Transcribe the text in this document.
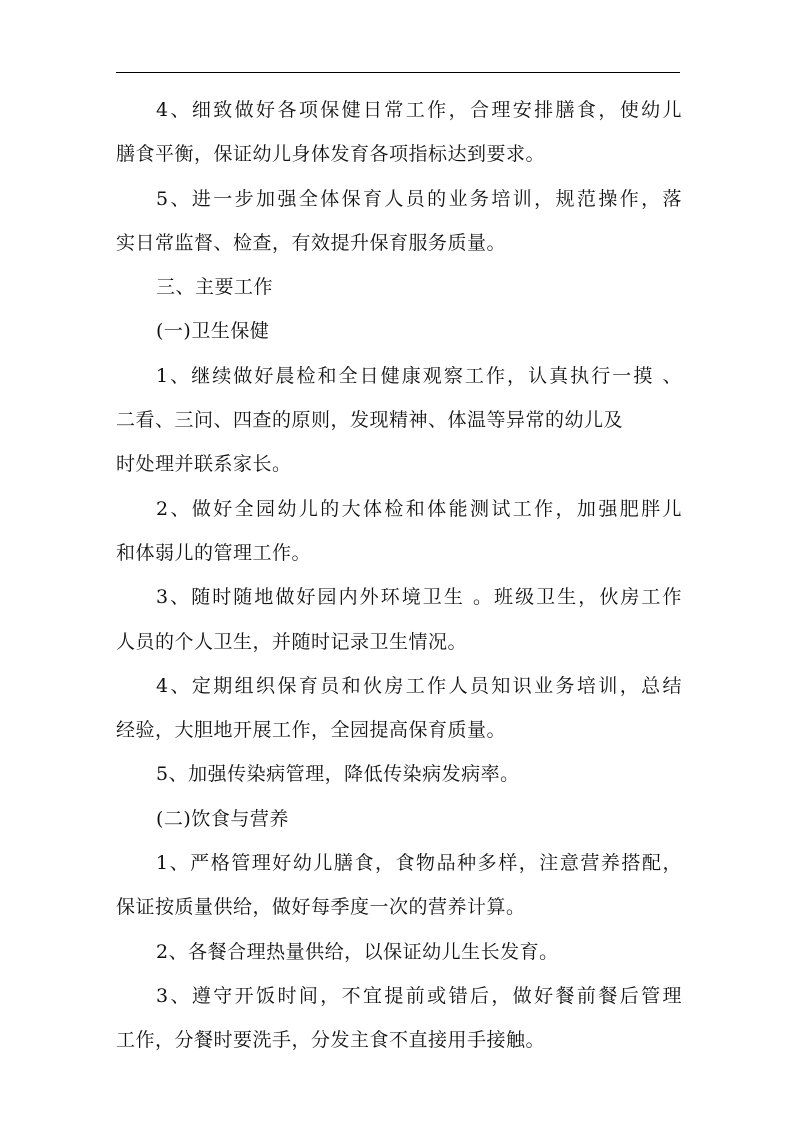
4、细致做好各项保健日常工作，合理安排膳食，使幼儿
膳食平衡，保证幼儿身体发育各项指标达到要求。
5、进一步加强全体保育人员的业务培训，规范操作，落
实日常监督、检查，有效提升保育服务质量。
三、主要工作
(一)卫生保健
1、继续做好晨检和全日健康观察工作，认真执行一摸 、
二看、三问、四查的原则，发现精神、体温等异常的幼儿及
时处理并联系家长。
2、做好全园幼儿的大体检和体能测试工作，加强肥胖儿
和体弱儿的管理工作。
3、随时随地做好园内外环境卫生 。班级卫生，伙房工作
人员的个人卫生，并随时记录卫生情况。
4、定期组织保育员和伙房工作人员知识业务培训，总结
经验，大胆地开展工作，全园提高保育质量。
5、加强传染病管理，降低传染病发病率。
(二)饮食与营养
1、严格管理好幼儿膳食，食物品种多样，注意营养搭配，
保证按质量供给，做好每季度一次的营养计算。
2、各餐合理热量供给，以保证幼儿生长发育。
3、遵守开饭时间，不宜提前或错后，做好餐前餐后管理
工作，分餐时要洗手，分发主食不直接用手接触。
